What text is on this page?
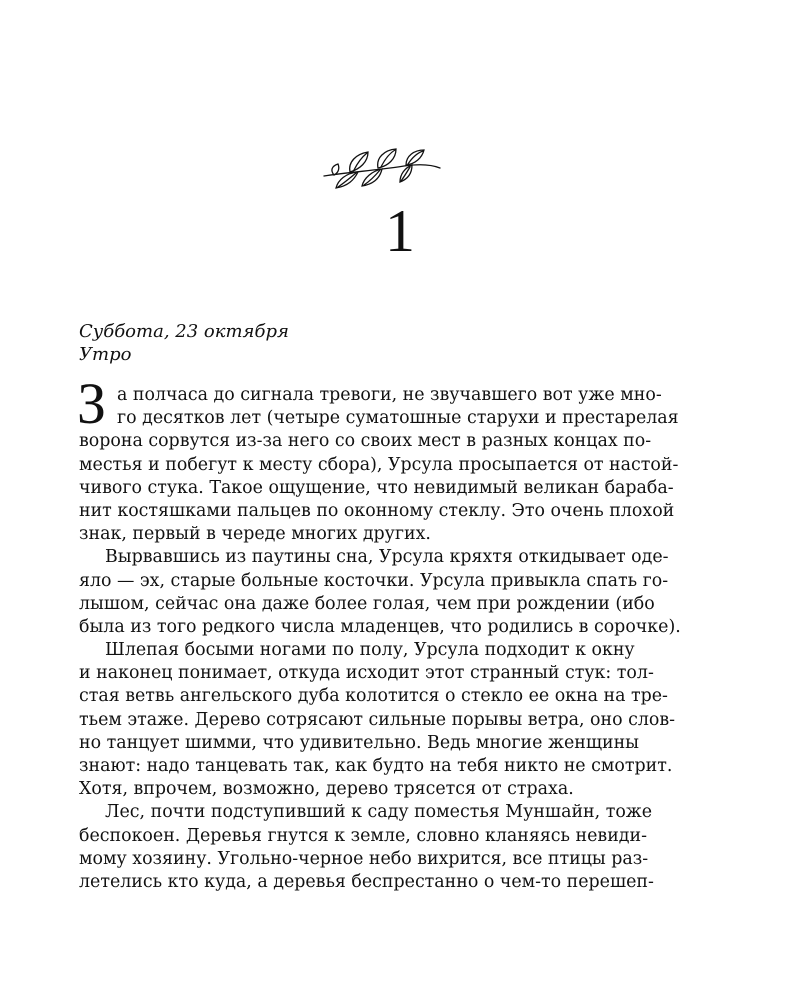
1
Суббота, 23 октября
Утро
З а полчаса до сигнала тревоги, не звучавшего вот уже мно-
го десятков лет (четыре суматошные старухи и престарелая
ворона сорвутся из-за него со своих мест в разных концах по-
местья и побегут к месту сбора), Урсула просыпается от настой-
чивого стука. Такое ощущение, что невидимый великан бараба-
нит костяшками пальцев по оконному стеклу. Это очень плохой
знак, первый в череде многих других.
Вырвавшись из паутины сна, Урсула кряхтя откидывает оде-
яло — эх, старые больные косточки. Урсула привыкла спать го-
лышом, сейчас она даже более голая, чем при рождении (ибо
была из того редкого числа младенцев, что родились в сорочке).
Шлепая босыми ногами по полу, Урсула подходит к окну
и наконец понимает, откуда исходит этот странный стук: тол-
стая ветвь ангельского дуба колотится о стекло ее окна на тре-
тьем этаже. Дерево сотрясают сильные порывы ветра, оно слов-
но танцует шимми, что удивительно. Ведь многие женщины
знают: надо танцевать так, как будто на тебя никто не смотрит.
Хотя, впрочем, возможно, дерево трясется от страха.
Лес, почти подступивший к саду поместья Муншайн, тоже
беспокоен. Деревья гнутся к земле, словно кланяясь невиди-
мому хозяину. Угольно-черное небо вихрится, все птицы раз-
летелись кто куда, а деревья беспрестанно о чем-то перешеп-
